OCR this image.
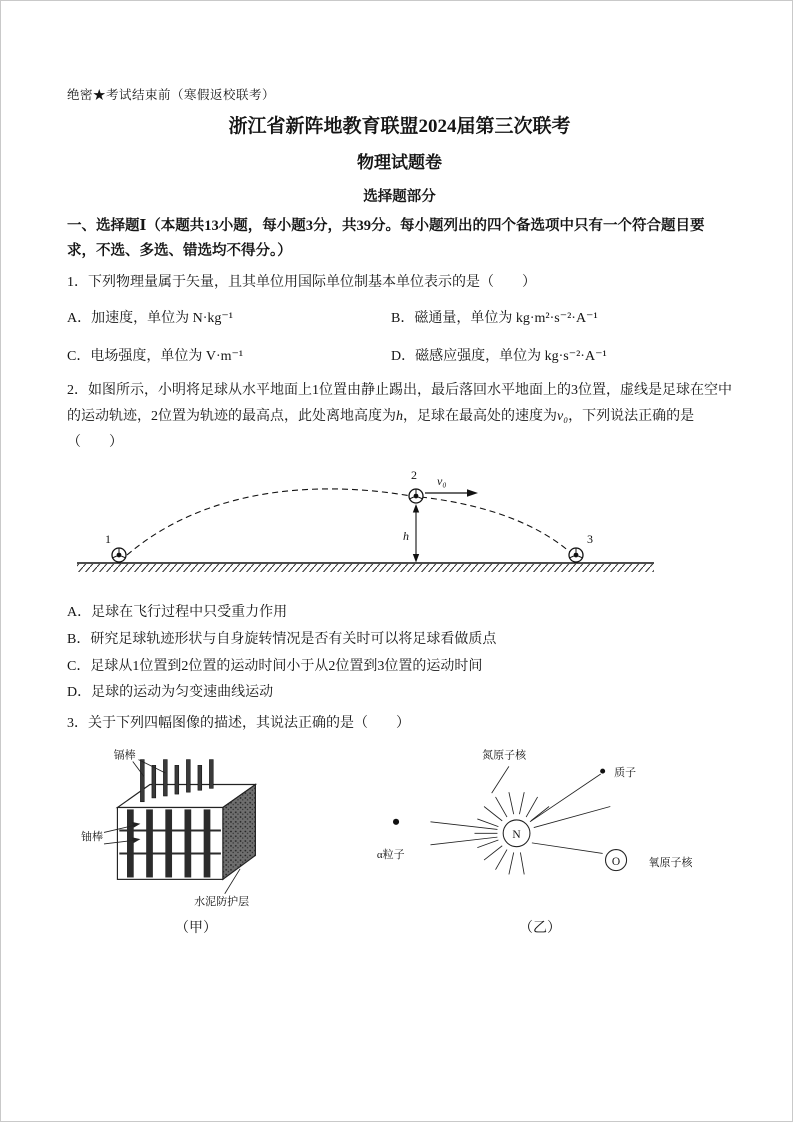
绝密★考试结束前（寒假返校联考）
浙江省新阵地教育联盟2024届第三次联考
物理试题卷
选择题部分

一、选择题Ⅰ（本题共13小题，每小题3分，共39分。每小题列出的四个备选项中只有一个符合题目要求，不选、多选、错选均不得分。）

1．下列物理量属于矢量，且其单位用国际单位制基本单位表示的是（　　）

A．加速度，单位为 N·kg⁻¹	B．磁通量，单位为 kg·m²·s⁻²·A⁻¹
C．电场强度，单位为 V·m⁻¹	D．磁感应强度，单位为 kg·s⁻²·A⁻¹

2．如图所示，小明将足球从水平地面上1位置由静止踢出，最后落回水平地面上的3位置，虚线是足球在空中的运动轨迹，2位置为轨迹的最高点，此处离地高度为h，足球在最高处的速度为v₀，下列说法正确的是
（　　）

1
2
3
v₀
h

A．足球在飞行过程中只受重力作用

B．研究足球轨迹形状与自身旋转情况是否有关时可以将足球看做质点

C．足球从1位置到2位置的运动时间小于从2位置到3位置的运动时间

D．足球的运动为匀变速曲线运动

3．关于下列四幅图像的描述，其说法正确的是（　　）

镉棒
铀棒
水泥防护层
（甲）
N
O
氮原子核
质子
α粒子
氧原子核
（乙）
